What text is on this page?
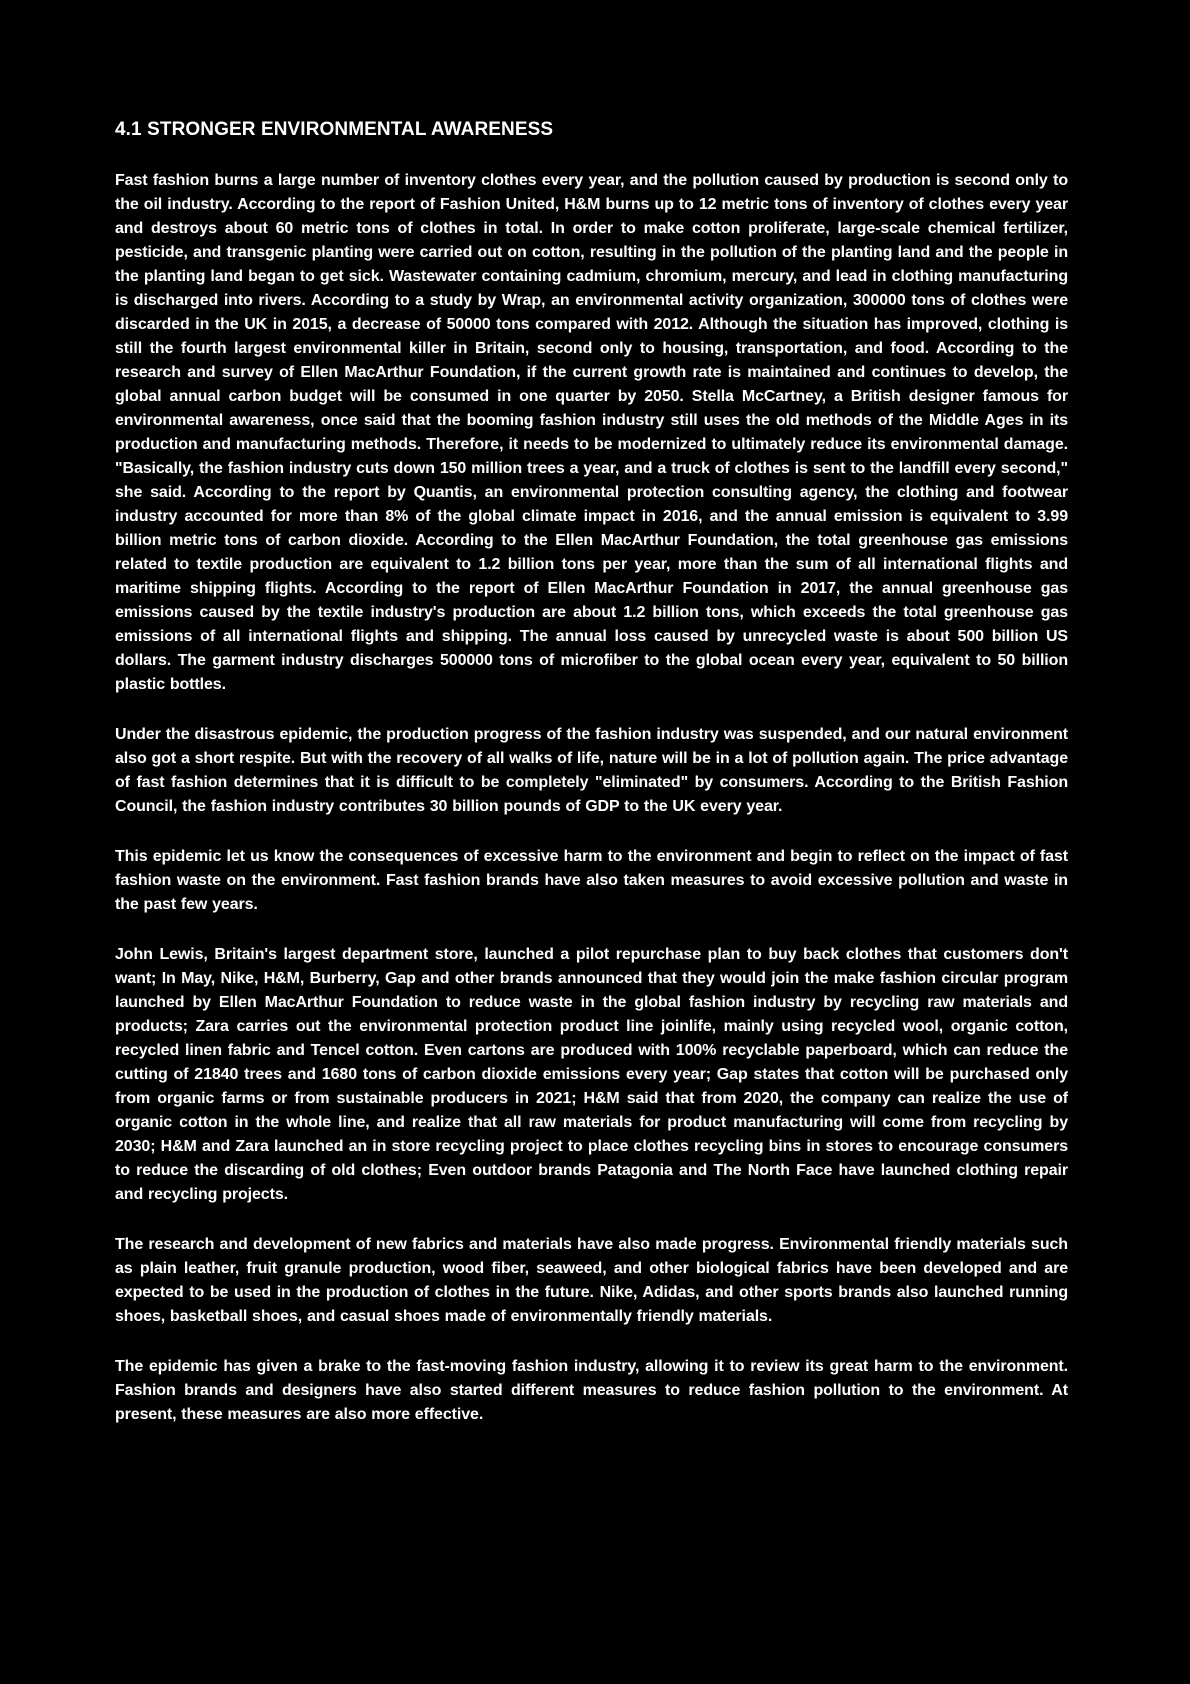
4.1 STRONGER ENVIRONMENTAL AWARENESS

Fast fashion burns a large number of inventory clothes every year, and the pollution caused by production is second only to the oil industry. According to the report of Fashion United, H&M burns up to 12 metric tons of inventory of clothes every year and destroys about 60 metric tons of clothes in total. In order to make cotton proliferate, large-scale chemical fertilizer, pesticide, and transgenic planting were carried out on cotton, resulting in the pollution of the planting land and the people in the planting land began to get sick. Wastewater containing cadmium, chromium, mercury, and lead in clothing manufacturing is discharged into rivers. According to a study by Wrap, an environmental activity organization, 300000 tons of clothes were discarded in the UK in 2015, a decrease of 50000 tons compared with 2012. Although the situation has improved, clothing is still the fourth largest environmental killer in Britain, second only to housing, transportation, and food. According to the research and survey of Ellen MacArthur Foundation, if the current growth rate is maintained and continues to develop, the global annual carbon budget will be consumed in one quarter by 2050. Stella McCartney, a British designer famous for environmental awareness, once said that the booming fashion industry still uses the old methods of the Middle Ages in its production and manufacturing methods. Therefore, it needs to be modernized to ultimately reduce its environmental damage. "Basically, the fashion industry cuts down 150 million trees a year, and a truck of clothes is sent to the landfill every second," she said. According to the report by Quantis, an environmental protection consulting agency, the clothing and footwear industry accounted for more than 8% of the global climate impact in 2016, and the annual emission is equivalent to 3.99 billion metric tons of carbon dioxide. According to the Ellen MacArthur Foundation, the total greenhouse gas emissions related to textile production are equivalent to 1.2 billion tons per year, more than the sum of all international flights and maritime shipping flights. According to the report of Ellen MacArthur Foundation in 2017, the annual greenhouse gas emissions caused by the textile industry's production are about 1.2 billion tons, which exceeds the total greenhouse gas emissions of all international flights and shipping. The annual loss caused by unrecycled waste is about 500 billion US dollars. The garment industry discharges 500000 tons of microfiber to the global ocean every year, equivalent to 50 billion plastic bottles.

Under the disastrous epidemic, the production progress of the fashion industry was suspended, and our natural environment also got a short respite. But with the recovery of all walks of life, nature will be in a lot of pollution again. The price advantage of fast fashion determines that it is difficult to be completely "eliminated" by consumers. According to the British Fashion Council, the fashion industry contributes 30 billion pounds of GDP to the UK every year.

This epidemic let us know the consequences of excessive harm to the environment and begin to reflect on the impact of fast fashion waste on the environment. Fast fashion brands have also taken measures to avoid excessive pollution and waste in the past few years.

John Lewis, Britain's largest department store, launched a pilot repurchase plan to buy back clothes that customers don't want; In May, Nike, H&M, Burberry, Gap and other brands announced that they would join the make fashion circular program launched by Ellen MacArthur Foundation to reduce waste in the global fashion industry by recycling raw materials and products; Zara carries out the environmental protection product line joinlife, mainly using recycled wool, organic cotton, recycled linen fabric and Tencel cotton. Even cartons are produced with 100% recyclable paperboard, which can reduce the cutting of 21840 trees and 1680 tons of carbon dioxide emissions every year; Gap states that cotton will be purchased only from organic farms or from sustainable producers in 2021; H&M said that from 2020, the company can realize the use of organic cotton in the whole line, and realize that all raw materials for product manufacturing will come from recycling by 2030; H&M and Zara launched an in store recycling project to place clothes recycling bins in stores to encourage consumers to reduce the discarding of old clothes; Even outdoor brands Patagonia and The North Face have launched clothing repair and recycling projects.

The research and development of new fabrics and materials have also made progress. Environmental friendly materials such as plain leather, fruit granule production, wood fiber, seaweed, and other biological fabrics have been developed and are expected to be used in the production of clothes in the future. Nike, Adidas, and other sports brands also launched running shoes, basketball shoes, and casual shoes made of environmentally friendly materials.

The epidemic has given a brake to the fast-moving fashion industry, allowing it to review its great harm to the environment. Fashion brands and designers have also started different measures to reduce fashion pollution to the environment. At present, these measures are also more effective.
